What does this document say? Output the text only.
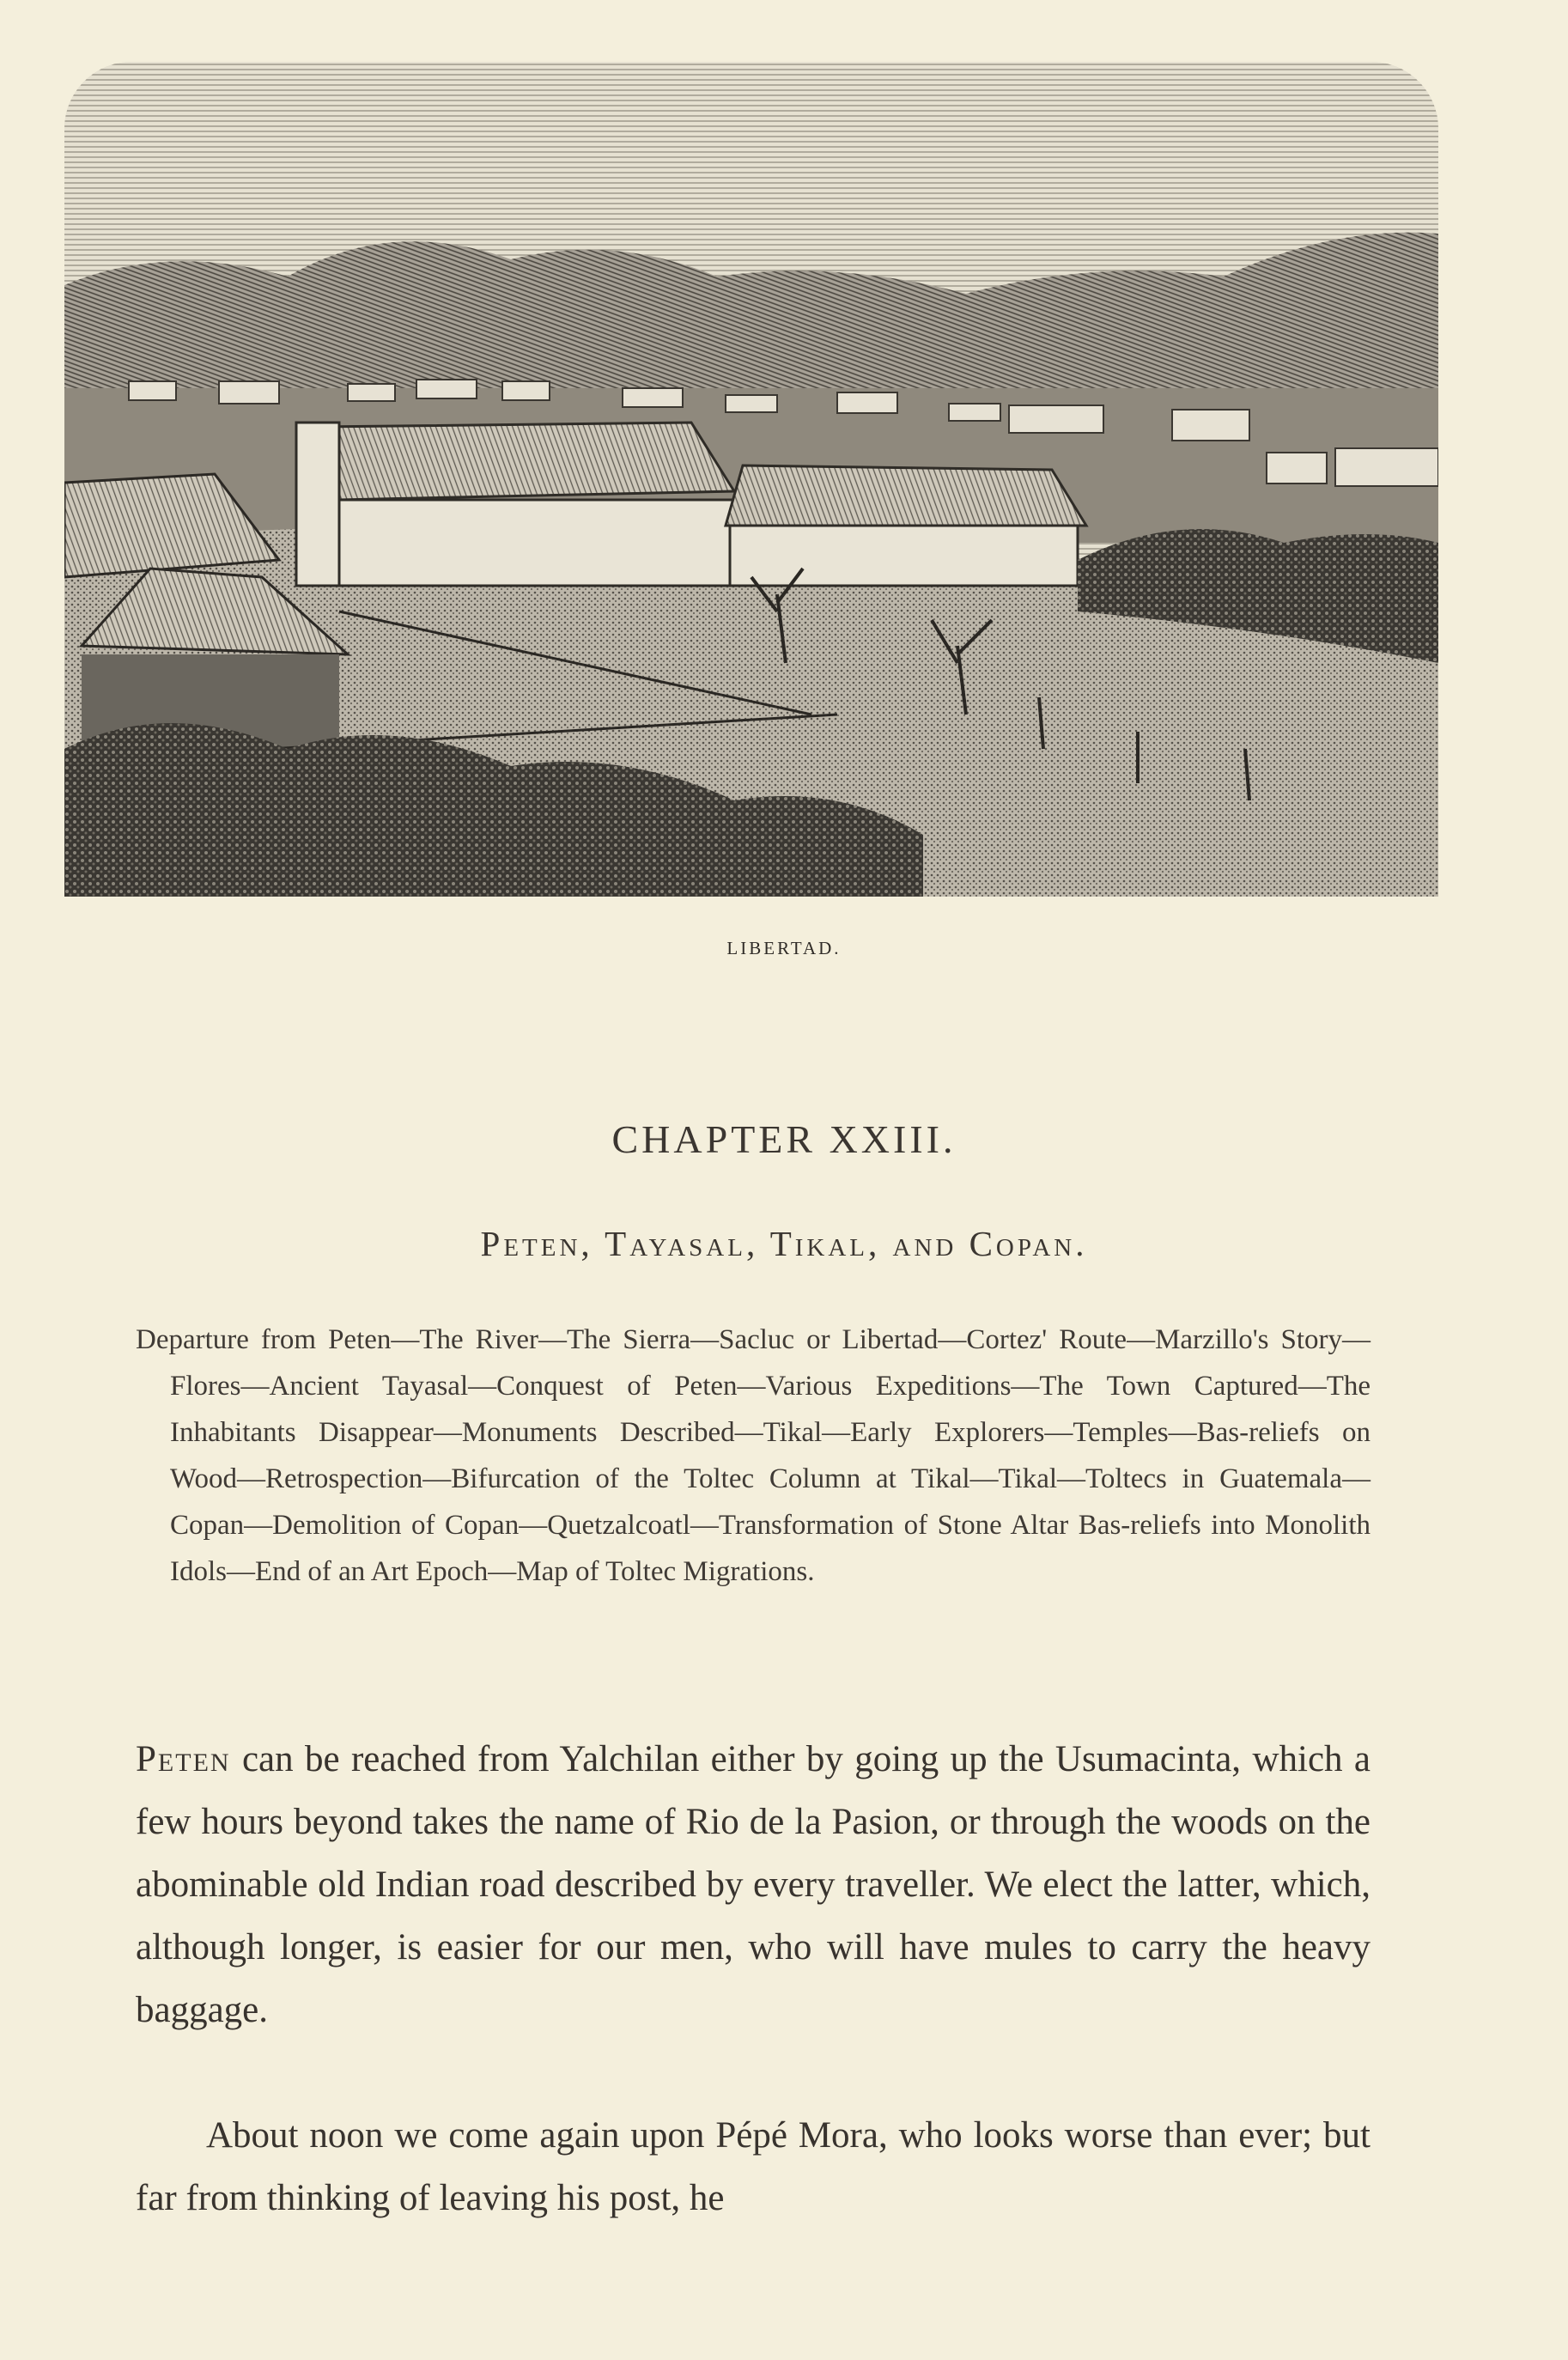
LIBERTAD.
CHAPTER XXIII.
Peten, Tayasal, Tikal, and Copan.
Departure from Peten—The River—The Sierra—Sacluc or Libertad—Cortez' Route—Marzillo's Story—Flores—Ancient Tayasal—Conquest of Peten—Various Expeditions—The Town Captured—The Inhabitants Disappear—Monuments Described—Tikal—Early Explorers—Temples—Bas-reliefs on Wood—Retrospection—Bifurcation of the Toltec Column at Tikal—Tikal—Toltecs in Guatemala—Copan—Demolition of Copan—Quetzalcoatl—Transformation of Stone Altar Bas-reliefs into Monolith Idols—End of an Art Epoch—Map of Toltec Migrations.
Peten can be reached from Yalchilan either by going up the Usumacinta, which a few hours beyond takes the name of Rio de la Pasion, or through the woods on the abominable old Indian road described by every traveller. We elect the latter, which, although longer, is easier for our men, who will have mules to carry the heavy baggage.
About noon we come again upon Pépé Mora, who looks worse than ever; but far from thinking of leaving his post, he
